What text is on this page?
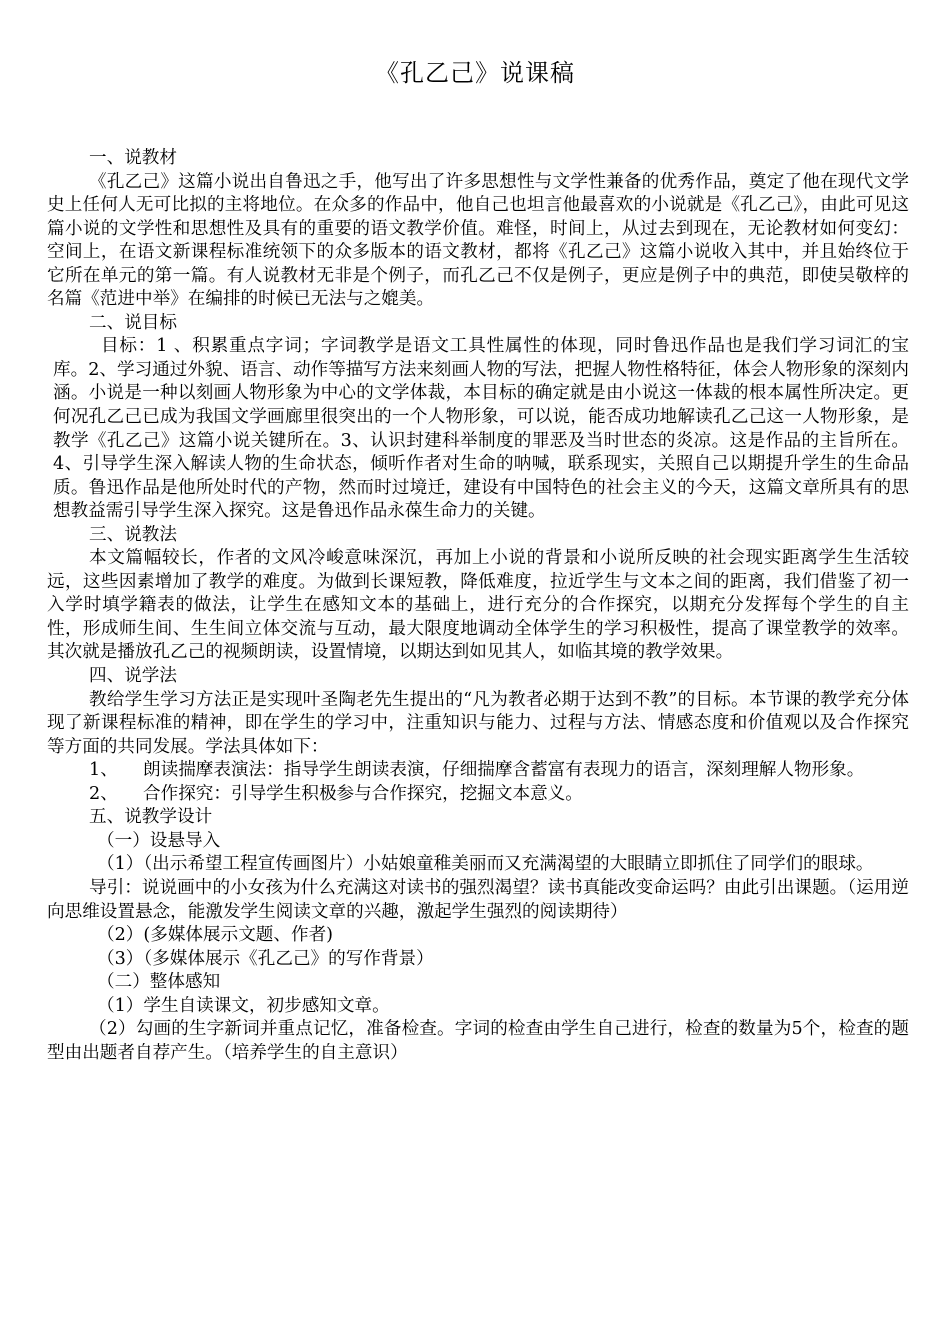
《孔乙己》说课稿

一、说教材

《孔乙己》这篇小说出自鲁迅之手，他写出了许多思想性与文学性兼备的优秀作品，奠定了他在现代文学史上任何人无可比拟的主将地位。在众多的作品中，他自己也坦言他最喜欢的小说就是《孔乙己》，由此可见这篇小说的文学性和思想性及具有的重要的语文教学价值。难怪，时间上，从过去到现在，无论教材如何变幻：空间上，在语文新课程标准统领下的众多版本的语文教材，都将《孔乙己》这篇小说收入其中，并且始终位于它所在单元的第一篇。有人说教材无非是个例子，而孔乙己不仅是例子，更应是例子中的典范，即使吴敬梓的名篇《范进中举》在编排的时候已无法与之媲美。

二、说目标

目标：1 、积累重点字词；字词教学是语文工具性属性的体现，同时鲁迅作品也是我们学习词汇的宝库。2、学习通过外貌、语言、动作等描写方法来刻画人物的写法，把握人物性格特征，体会人物形象的深刻内涵。小说是一种以刻画人物形象为中心的文学体裁，本目标的确定就是由小说这一体裁的根本属性所决定。更何况孔乙己已成为我国文学画廊里很突出的一个人物形象，可以说，能否成功地解读孔乙己这一人物形象，是教学《孔乙己》这篇小说关键所在。3、认识封建科举制度的罪恶及当时世态的炎凉。这是作品的主旨所在。4、引导学生深入解读人物的生命状态，倾听作者对生命的呐喊，联系现实，关照自己以期提升学生的生命品质。鲁迅作品是他所处时代的产物，然而时过境迁，建设有中国特色的社会主义的今天，这篇文章所具有的思想教益需引导学生深入探究。这是鲁迅作品永葆生命力的关键。

三、说教法

本文篇幅较长，作者的文风冷峻意味深沉，再加上小说的背景和小说所反映的社会现实距离学生生活较远，这些因素增加了教学的难度。为做到长课短教，降低难度，拉近学生与文本之间的距离，我们借鉴了初一入学时填学籍表的做法，让学生在感知文本的基础上，进行充分的合作探究，以期充分发挥每个学生的自主性，形成师生间、生生间立体交流与互动，最大限度地调动全体学生的学习积极性，提高了课堂教学的效率。其次就是播放孔乙己的视频朗读，设置情境，以期达到如见其人，如临其境的教学效果。

四、说学法

教给学生学习方法正是实现叶圣陶老先生提出的“凡为教者必期于达到不教”的目标。本节课的教学充分体现了新课程标准的精神，即在学生的学习中，注重知识与能力、过程与方法、情感态度和价值观以及合作探究等方面的共同发展。学法具体如下：

1、 朗读揣摩表演法：指导学生朗读表演，仔细揣摩含蓄富有表现力的语言，深刻理解人物形象。

2、 合作探究：引导学生积极参与合作探究，挖掘文本意义。

五、说教学设计

（一）设悬导入

（1）（出示希望工程宣传画图片）小姑娘童稚美丽而又充满渴望的大眼睛立即抓住了同学们的眼球。

导引：说说画中的小女孩为什么充满这对读书的强烈渴望？读书真能改变命运吗？由此引出课题。（运用逆向思维设置悬念，能激发学生阅读文章的兴趣，激起学生强烈的阅读期待）

（2）(多媒体展示文题、作者)

（3）（多媒体展示《孔乙己》的写作背景）

（二）整体感知

（1）学生自读课文，初步感知文章。

（2）勾画的生字新词并重点记忆，准备检查。字词的检查由学生自己进行，检查的数量为5个，检查的题型由出题者自荐产生。（培养学生的自主意识）
